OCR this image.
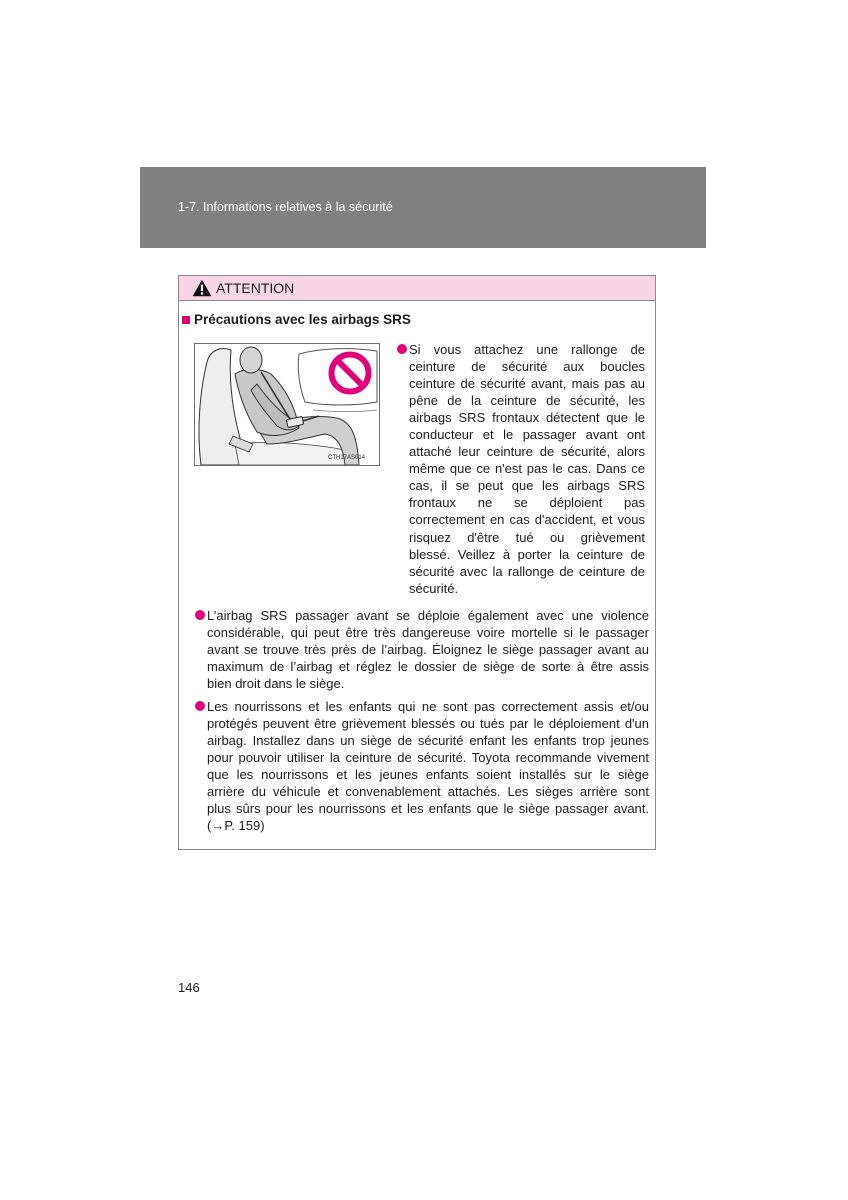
1-7. Informations relatives à la sécurité
ATTENTION
Précautions avec les airbags SRS
CTH17AS014
Si vous attachez une rallonge de
ceinture de sécurité aux boucles
ceinture de sécurité avant, mais pas au
pêne de la ceinture de sécurité, les
airbags SRS frontaux détectent que le
conducteur et le passager avant ont
attaché leur ceinture de sécurité, alors
même que ce n'est pas le cas. Dans ce
cas, il se peut que les airbags SRS
frontaux ne se déploient pas
correctement en cas d'accident, et vous
risquez d'être tué ou grièvement
blessé. Veillez à porter la ceinture de
sécurité avec la rallonge de ceinture de
sécurité.
L’airbag SRS passager avant se déploie également avec une violence
considérable, qui peut être très dangereuse voire mortelle si le passager
avant se trouve très près de l’airbag. Éloignez le siège passager avant au
maximum de l’airbag et réglez le dossier de siège de sorte à être assis
bien droit dans le siège.
Les nourrissons et les enfants qui ne sont pas correctement assis et/ou
protégés peuvent être grièvement blessés ou tués par le déploiement d'un
airbag. Installez dans un siège de sécurité enfant les enfants trop jeunes
pour pouvoir utiliser la ceinture de sécurité. Toyota recommande vivement
que les nourrissons et les jeunes enfants soient installés sur le siège
arrière du véhicule et convenablement attachés. Les sièges arrière sont
plus sûrs pour les nourrissons et les enfants que le siège passager avant.
(→P. 159)
146
